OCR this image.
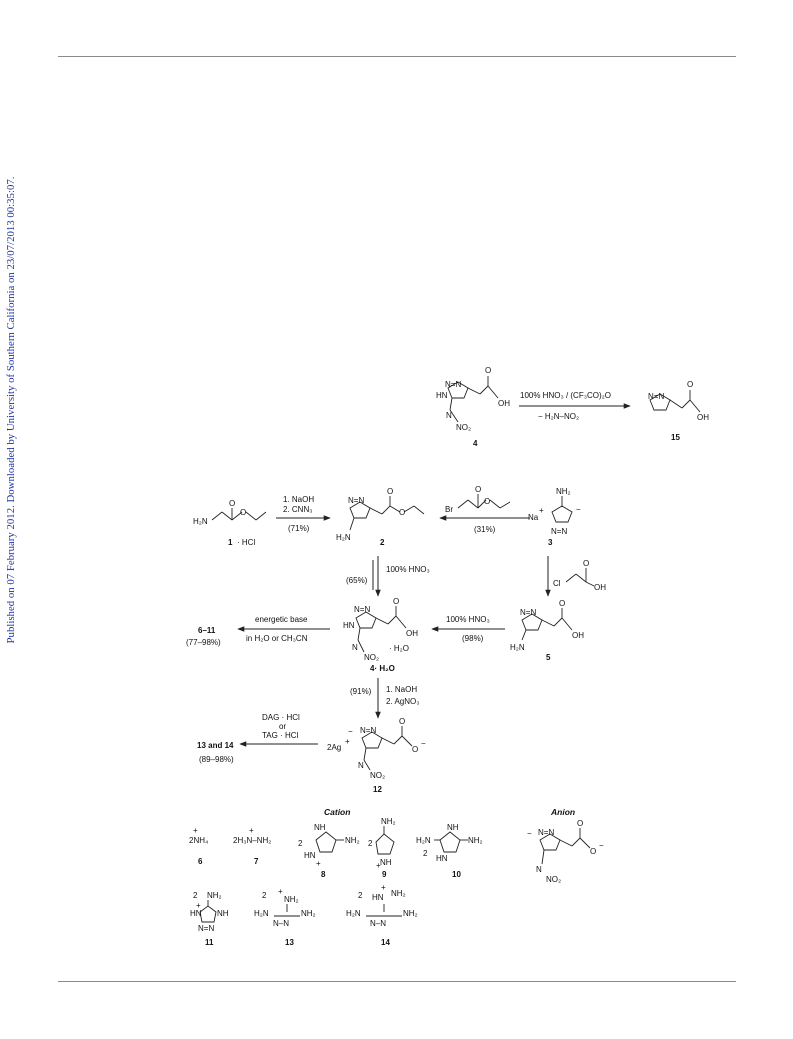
Published on 07 February 2012. Downloaded by University of Southern California on 23/07/2013 00:35:07.	N=N
HN
O
OH
N
NO₂
4
100% HNO₃ / (CF₃CO)₂O
− H₂N–NO₂
N=N
O
OH
15
H₂N
O
O
1 · HCl
1. NaOH
2. CNN₃
(71%)
N=N
O
O
H₂N
2
Br
O
O
(31%)
Na
+
NH₂
−
N=N
3
Cl
O
OH
100% HNO₃
(65%)
N=N
O
OH
H₂N
5
100% HNO₃
(98%)
N=N
HN
O
OH
N
NO₂
· H₂O
4· H₂O
energetic base
in H₂O or CH₃CN
6–11
(77–98%)
1. NaOH
2. AgNO₃
(91%)
− N=N
O
O
−
2Ag
+
N
NO₂
12
DAG · HCl
or
TAG · HCl
13 and 14
(89–98%)
Cation	Anion
+
2NH₄
6
+
2H₃N–NH₂
7
2
NH
NH₂
HN
+
8
2
NH₂
NH
+
9
NH
H₂N	NH₂
2
HN
10
− N=N
O
O
−
N
NO₂
2 NH₂
+
HN NH
N=N
11
2 +
NH₂
H₂N	NH₂
N–N
13
2
+
HN NH₂
H₂N	NH₂
N–N
14
